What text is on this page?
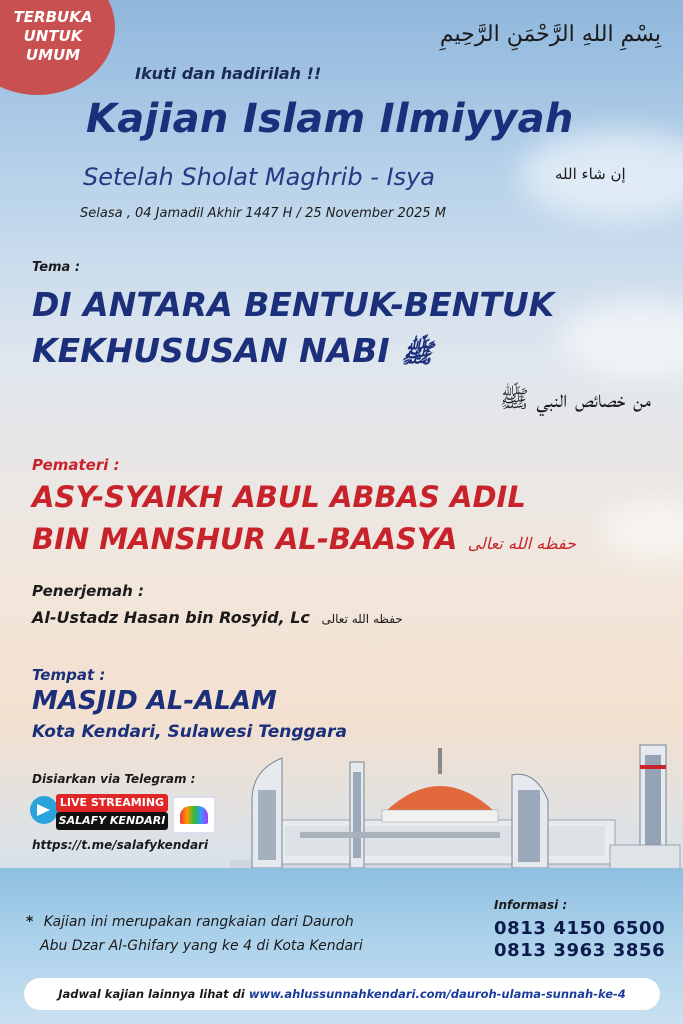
TERBUKA
UNTUK
UMUM
بِسْمِ اللهِ الرَّحْمَنِ الرَّحِيمِ
Ikuti dan hadirilah !!
Kajian Islam Ilmiyyah
Setelah Sholat Maghrib - Isya	إن شاء الله
Selasa , 04 Jamadil Akhir 1447 H / 25 November 2025 M
Tema :
DI ANTARA BENTUK-BENTUK
KEKHUSUSAN NABI ﷺ
من خصائص النبي ﷺ
Pemateri :
ASY-SYAIKH ABUL ABBAS ADIL
BIN MANSHUR AL-BAASYA حفظه الله تعالى
Penerjemah :
Al-Ustadz Hasan bin Rosyid, Lc حفظه الله تعالى
Tempat :
MASJID AL-ALAM
Kota Kendari, Sulawesi Tenggara
Disiarkan via Telegram :
LIVE STREAMING
SALAFY KENDARI
https://t.me/salafykendari
* Kajian ini merupakan rangkaian dari Dauroh
Abu Dzar Al-Ghifary yang ke 4 di Kota Kendari
Informasi :
0813 4150 6500
0813 3963 3856
Jadwal kajian lainnya lihat di www.ahlussunnahkendari.com/dauroh-ulama-sunnah-ke-4
